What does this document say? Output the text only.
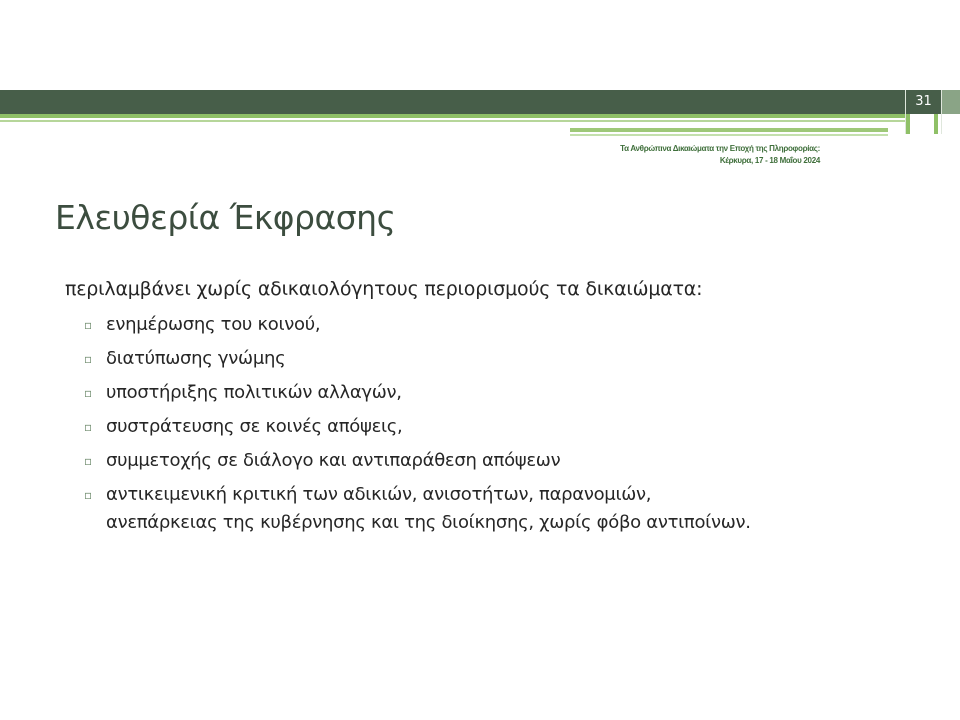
31
Τα Ανθρώπινα Δικαιώματα την Εποχή της Πληροφορίας:
Κέρκυρα, 17 - 18 Μαΐου 2024
Ελευθερία Έκφρασης
περιλαμβάνει χωρίς αδικαιολόγητους περιορισμούς τα δικαιώματα:
▫ ενημέρωσης του κοινού,
▫ διατύπωσης γνώμης
▫ υποστήριξης πολιτικών αλλαγών,
▫ συστράτευσης σε κοινές απόψεις,
▫ συμμετοχής σε διάλογο και αντιπαράθεση απόψεων
▫ αντικειμενική κριτική των αδικιών, ανισοτήτων, παρανομιών,
ανεπάρκειας της κυβέρνησης και της διοίκησης, χωρίς φόβο αντιποίνων.
